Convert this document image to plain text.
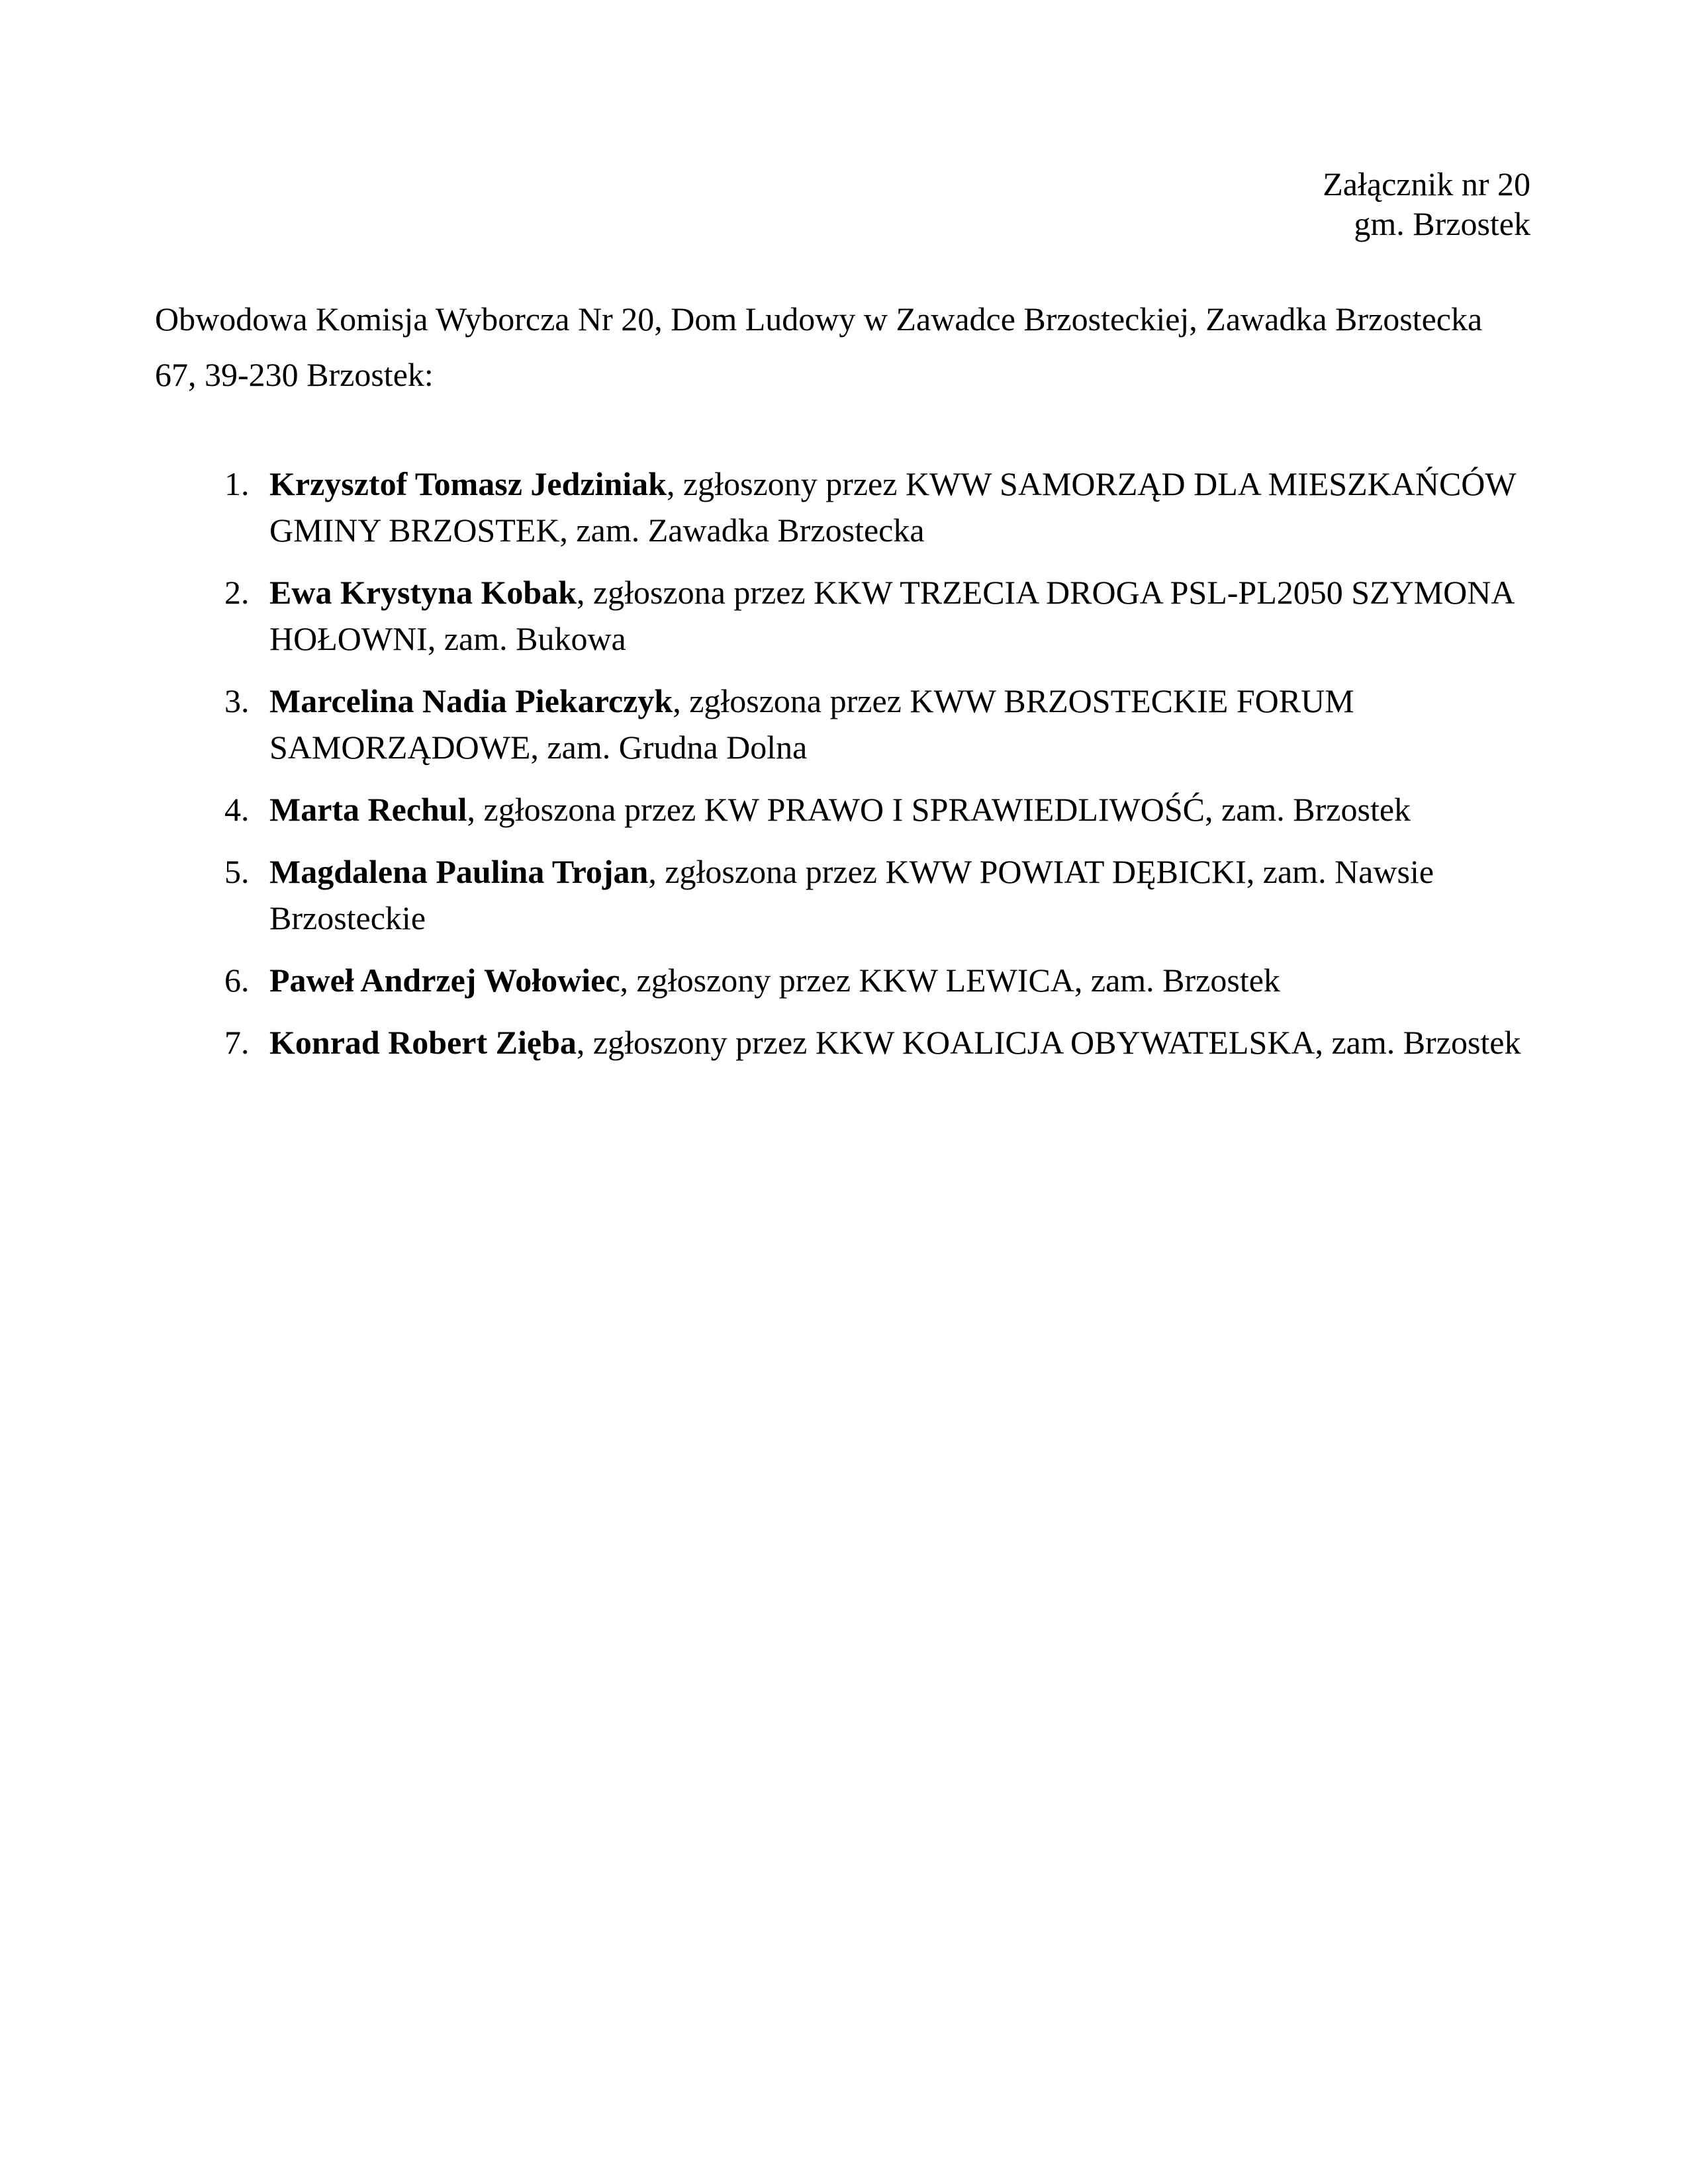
Załącznik nr 20
gm. Brzostek

Obwodowa Komisja Wyborcza Nr 20, Dom Ludowy w Zawadce Brzosteckiej, Zawadka Brzostecka 67, 39-230 Brzostek:

1. Krzysztof Tomasz Jedziniak, zgłoszony przez KWW SAMORZĄD DLA MIESZKAŃCÓW GMINY BRZOSTEK, zam. Zawadka Brzostecka
2. Ewa Krystyna Kobak, zgłoszona przez KKW TRZECIA DROGA PSL-PL2050 SZYMONA HOŁOWNI, zam. Bukowa
3. Marcelina Nadia Piekarczyk, zgłoszona przez KWW BRZOSTECKIE FORUM SAMORZĄDOWE, zam. Grudna Dolna
4. Marta Rechul, zgłoszona przez KW PRAWO I SPRAWIEDLIWOŚĆ, zam. Brzostek
5. Magdalena Paulina Trojan, zgłoszona przez KWW POWIAT DĘBICKI, zam. Nawsie Brzosteckie
6. Paweł Andrzej Wołowiec, zgłoszony przez KKW LEWICA, zam. Brzostek
7. Konrad Robert Zięba, zgłoszony przez KKW KOALICJA OBYWATELSKA, zam. Brzostek
